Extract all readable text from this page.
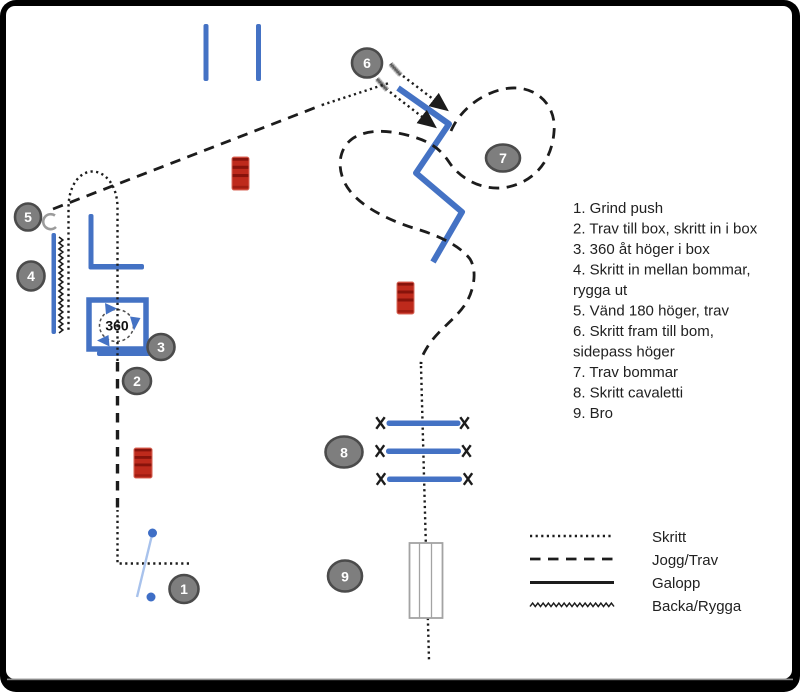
360
1
2
3
4
5
6
7
8
9
1. Grind push
2. Trav till box, skritt in i box
3. 360 åt höger i box
4. Skritt in mellan bommar,
rygga ut
5. Vänd 180 höger, trav
6. Skritt fram till bom,
sidepass höger
7. Trav bommar
8. Skritt cavaletti
9. Bro
Skritt
Jogg/Trav
Galopp
Backa/Rygga
